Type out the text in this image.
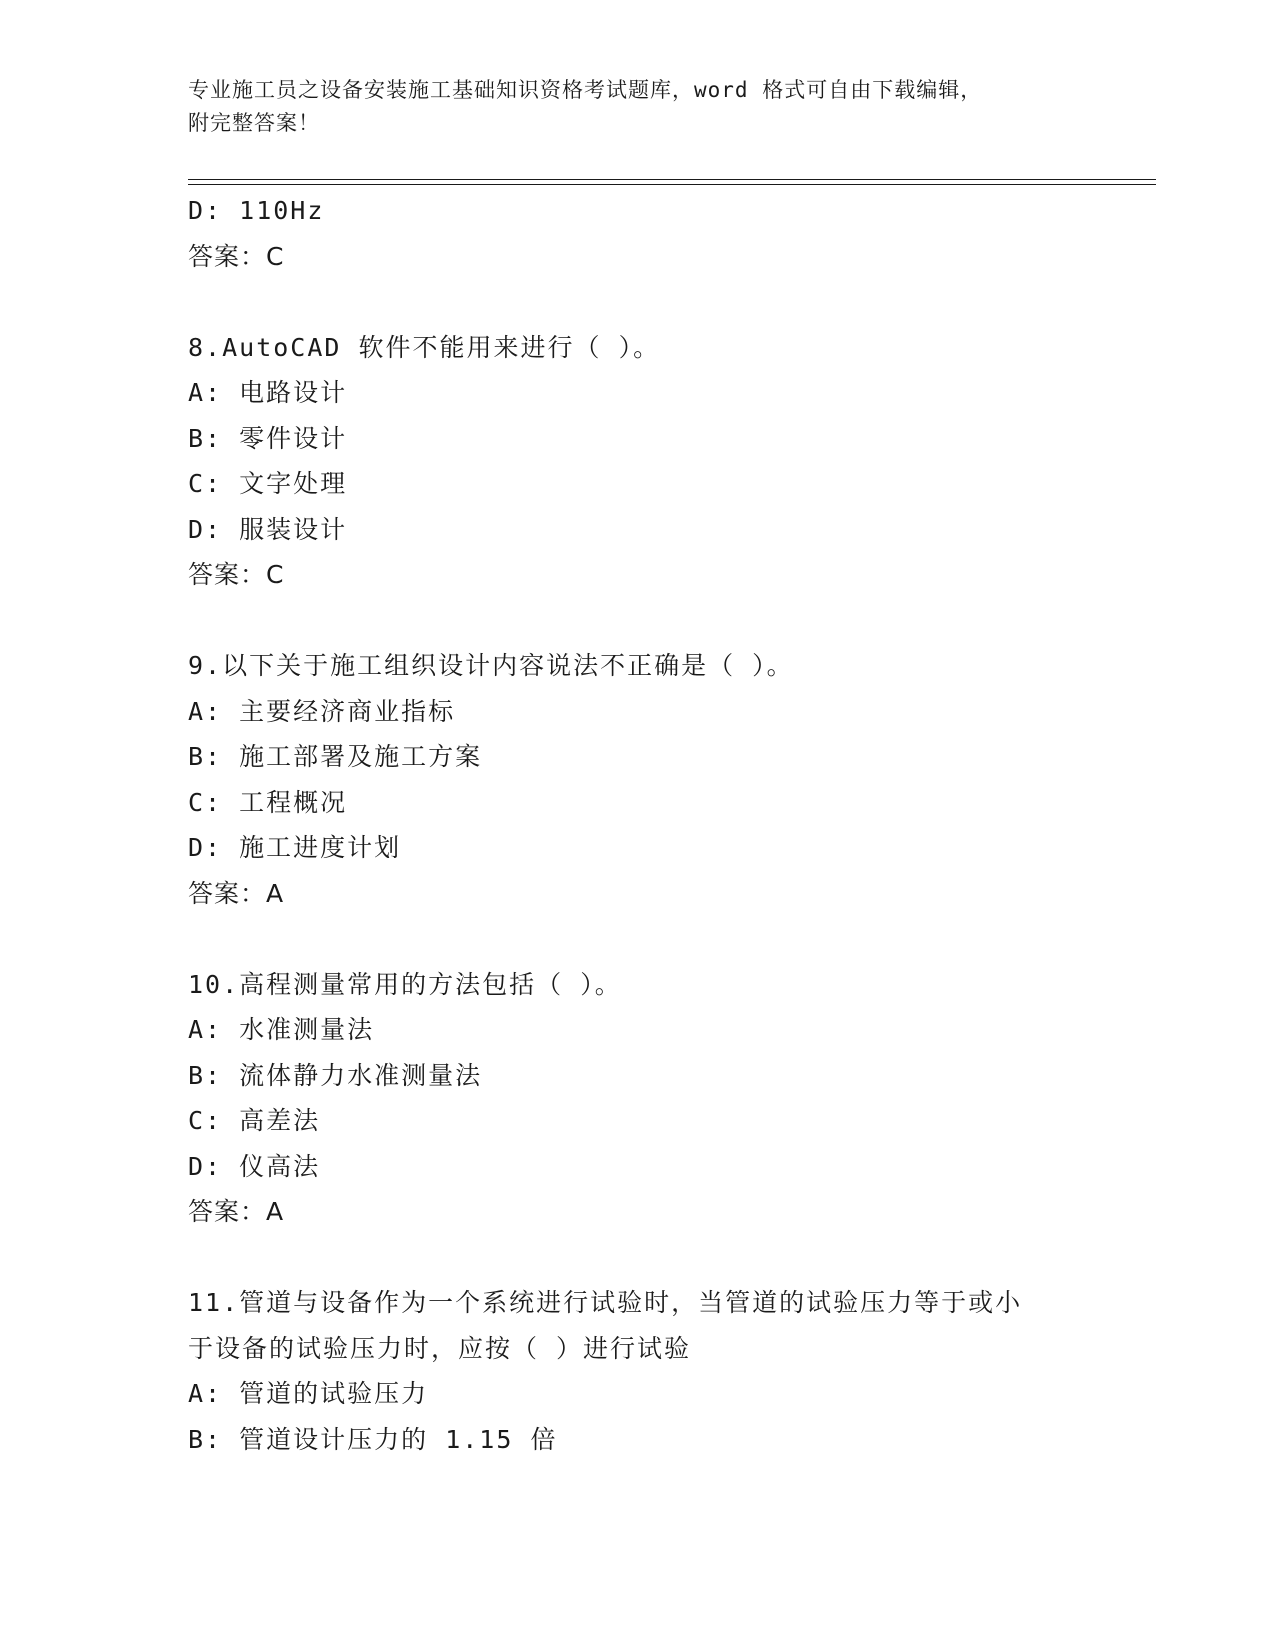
专业施工员之设备安装施工基础知识资格考试题库，word 格式可自由下载编辑，
附完整答案！
D: 110Hz
答案：C
8.AutoCAD 软件不能用来进行（ ）。
A: 电路设计
B: 零件设计
C: 文字处理
D: 服装设计
答案：C
9.以下关于施工组织设计内容说法不正确是（ ）。
A: 主要经济商业指标
B: 施工部署及施工方案
C: 工程概况
D: 施工进度计划
答案：A
10.高程测量常用的方法包括（ ）。
A: 水准测量法
B: 流体静力水准测量法
C: 高差法
D: 仪高法
答案：A
11.管道与设备作为一个系统进行试验时，当管道的试验压力等于或小
于设备的试验压力时，应按（ ）进行试验
A: 管道的试验压力
B: 管道设计压力的 1.15 倍
